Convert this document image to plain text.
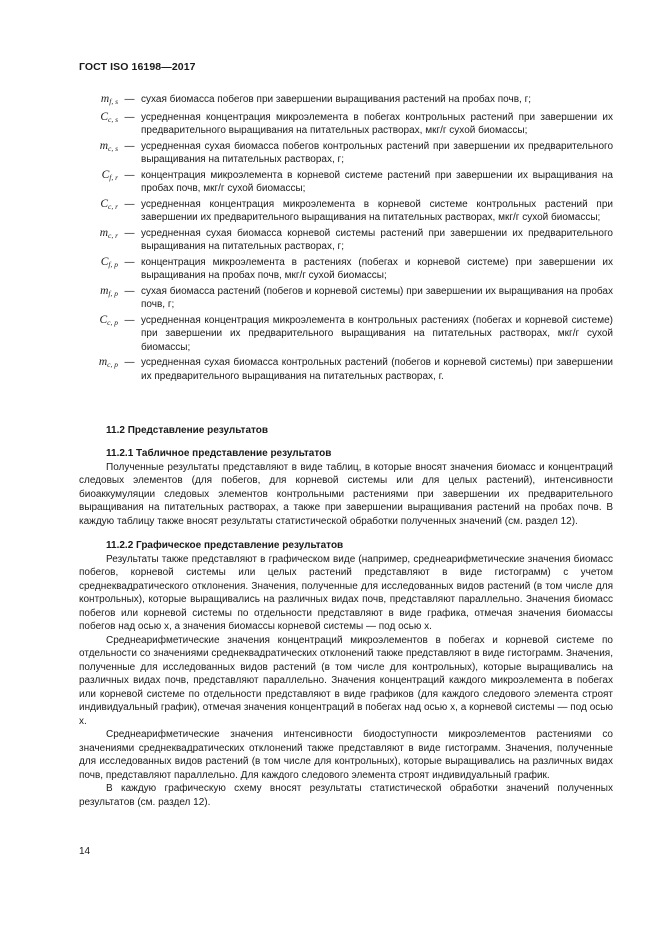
ГОСТ ISO 16198—2017
$m_{f, s}$ — сухая биомасса побегов при завершении выращивания растений на пробах почв, г;
$C_{c, s}$ — усредненная концентрация микроэлемента в побегах контрольных растений при завершении их предварительного выращивания на питательных растворах, мкг/г сухой биомассы;
$m_{c, s}$ — усредненная сухая биомасса побегов контрольных растений при завершении их предварительного выращивания на питательных растворах, г;
$C_{f, r}$ — концентрация микроэлемента в корневой системе растений при завершении их выращивания на пробах почв, мкг/г сухой биомассы;
$C_{c, r}$ — усредненная концентрация микроэлемента в корневой системе контрольных растений при завершении их предварительного выращивания на питательных растворах, мкг/г сухой биомассы;
$m_{c, r}$ — усредненная сухая биомасса корневой системы растений при завершении их предварительного выращивания на питательных растворах, г;
$C_{f, p}$ — концентрация микроэлемента в растениях (побегах и корневой системе) при завершении их выращивания на пробах почв, мкг/г сухой биомассы;
$m_{f, p}$ — сухая биомасса растений (побегов и корневой системы) при завершении их выращивания на пробах почв, г;
$C_{c, p}$ — усредненная концентрация микроэлемента в контрольных растениях (побегах и корневой системе) при завершении их предварительного выращивания на питательных растворах, мкг/г сухой биомассы;
$m_{c, p}$ — усредненная сухая биомасса контрольных растений (побегов и корневой системы) при завершении их предварительного выращивания на питательных растворах, г.
11.2 Представление результатов
11.2.1 Табличное представление результатов

Полученные результаты представляют в виде таблиц, в которые вносят значения биомасс и концентраций следовых элементов (для побегов, для корневой системы или для целых растений), интенсивности биоаккумуляции следовых элементов контрольными растениями при завершении их предварительного выращивания на питательных растворах, а также при завершении выращивания растений на пробах почв. В каждую таблицу также вносят результаты статистической обработки полученных значений (см. раздел 12).

11.2.2 Графическое представление результатов

Результаты также представляют в графическом виде (например, среднеарифметические значения биомасс побегов, корневой системы или целых растений представляют в виде гистограмм) с учетом среднеквадратического отклонения. Значения, полученные для исследованных видов растений (в том числе для контрольных), которые выращивались на различных видах почв, представляют параллельно. Значения биомасс побегов или корневой системы по отдельности представляют в виде графика, отмечая значения биомассы побегов над осью x, а значения биомассы корневой системы — под осью x.

Среднеарифметические значения концентраций микроэлементов в побегах и корневой системе по отдельности со значениями среднеквадратических отклонений также представляют в виде гистограмм. Значения, полученные для исследованных видов растений (в том числе для контрольных), которые выращивались на различных видах почв, представляют параллельно. Значения концентраций каждого микроэлемента в побегах или корневой системе по отдельности представляют в виде графиков (для каждого следового элемента строят индивидуальный график), отмечая значения концентраций в побегах над осью x, а корневой системы — под осью x.

Среднеарифметические значения интенсивности биодоступности микроэлементов растениями со значениями среднеквадратических отклонений также представляют в виде гистограмм. Значения, полученные для исследованных видов растений (в том числе для контрольных), которые выращивались на различных видах почв, представляют параллельно. Для каждого следового элемента строят индивидуальный график.

В каждую графическую схему вносят результаты статистической обработки значений полученных результатов (см. раздел 12).

14
